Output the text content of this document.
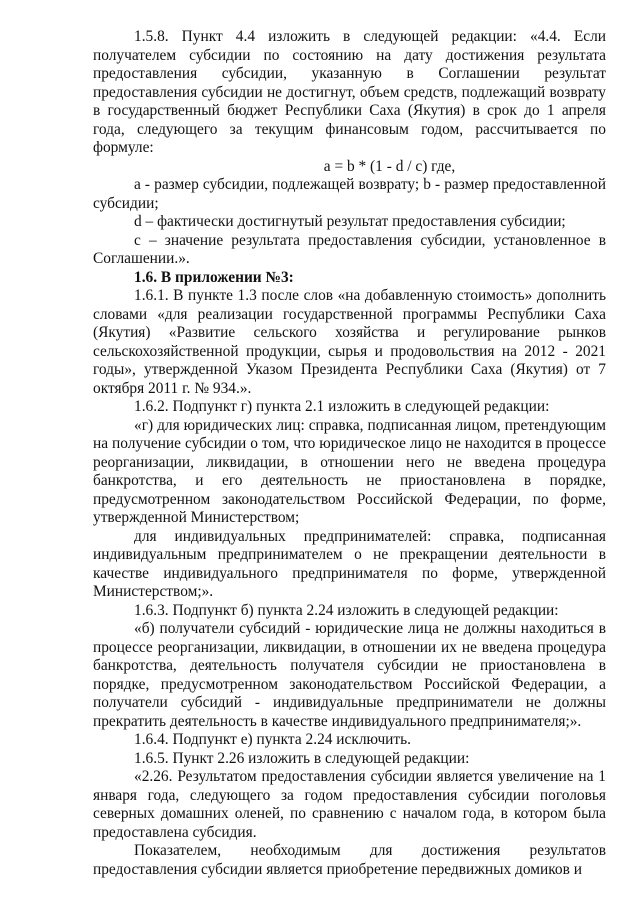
1.5.8. Пункт 4.4 изложить в следующей редакции: «4.4. Если получателем субсидии по состоянию на дату достижения результата предоставления субсидии, указанную в Соглашении результат предоставления субсидии не достигнут, объем средств, подлежащий возврату в государственный бюджет Республики Саха (Якутия) в срок до 1 апреля года, следующего за текущим финансовым годом, рассчитывается по формуле:

а = b * (1 - d / c) где,

а - размер субсидии, подлежащей возврату; b - размер предоставленной субсидии;

d – фактически достигнутый результат предоставления субсидии;

с – значение результата предоставления субсидии, установленное в Соглашении.».

1.6. В приложении №3:

1.6.1. В пункте 1.3 после слов «на добавленную стоимость» дополнить словами «для реализации государственной программы Республики Саха (Якутия) «Развитие сельского хозяйства и регулирование рынков сельскохозяйственной продукции, сырья и продовольствия на 2012 - 2021 годы», утвержденной Указом Президента Республики Саха (Якутия) от 7 октября 2011 г. № 934.».

1.6.2. Подпункт г) пункта 2.1 изложить в следующей редакции:

«г) для юридических лиц: справка, подписанная лицом, претендующим на получение субсидии о том, что юридическое лицо не находится в процессе реорганизации, ликвидации, в отношении него не введена процедура банкротства, и его деятельность не приостановлена в порядке, предусмотренном законодательством Российской Федерации, по форме, утвержденной Министерством;

для индивидуальных предпринимателей: справка, подписанная индивидуальным предпринимателем о не прекращении деятельности в качестве индивидуального предпринимателя по форме, утвержденной Министерством;».

1.6.3. Подпункт б) пункта 2.24 изложить в следующей редакции:

«б) получатели субсидий - юридические лица не должны находиться в процессе реорганизации, ликвидации, в отношении их не введена процедура банкротства, деятельность получателя субсидии не приостановлена в порядке, предусмотренном законодательством Российской Федерации, а получатели субсидий - индивидуальные предприниматели не должны прекратить деятельность в качестве индивидуального предпринимателя;».

1.6.4. Подпункт е) пункта 2.24 исключить.

1.6.5. Пункт 2.26 изложить в следующей редакции:

«2.26. Результатом предоставления субсидии является увеличение на 1 января года, следующего за годом предоставления субсидии поголовья северных домашних оленей, по сравнению с началом года, в котором была предоставлена субсидия.

Показателем, необходимым для достижения результатов предоставления субсидии является приобретение передвижных домиков и
